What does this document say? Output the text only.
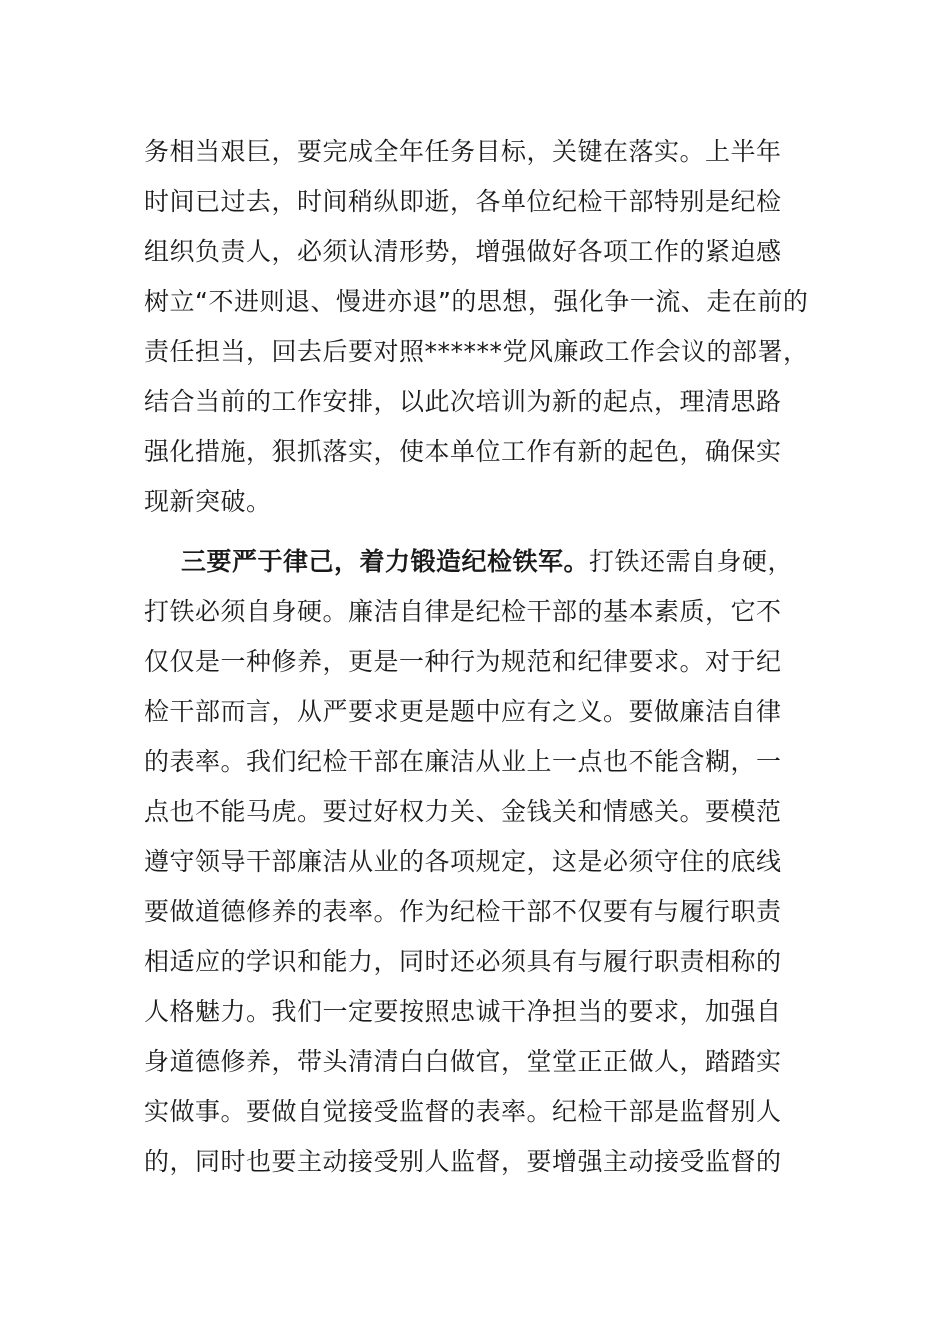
务相当艰巨，要完成全年任务目标，关键在落实。上半年
时间已过去，时间稍纵即逝，各单位纪检干部特别是纪检
组织负责人，必须认清形势，增强做好各项工作的紧迫感
树立“不进则退、慢进亦退”的思想，强化争一流、走在前的
责任担当，回去后要对照******党风廉政工作会议的部署，
结合当前的工作安排，以此次培训为新的起点，理清思路
强化措施，狠抓落实，使本单位工作有新的起色，确保实
现新突破。
三要严于律己，着力锻造纪检铁军。打铁还需自身硬，
打铁必须自身硬。廉洁自律是纪检干部的基本素质，它不
仅仅是一种修养，更是一种行为规范和纪律要求。对于纪
检干部而言，从严要求更是题中应有之义。要做廉洁自律
的表率。我们纪检干部在廉洁从业上一点也不能含糊，一
点也不能马虎。要过好权力关、金钱关和情感关。要模范
遵守领导干部廉洁从业的各项规定，这是必须守住的底线
要做道德修养的表率。作为纪检干部不仅要有与履行职责
相适应的学识和能力，同时还必须具有与履行职责相称的
人格魅力。我们一定要按照忠诚干净担当的要求，加强自
身道德修养，带头清清白白做官，堂堂正正做人，踏踏实
实做事。要做自觉接受监督的表率。纪检干部是监督别人
的，同时也要主动接受别人监督，要增强主动接受监督的
